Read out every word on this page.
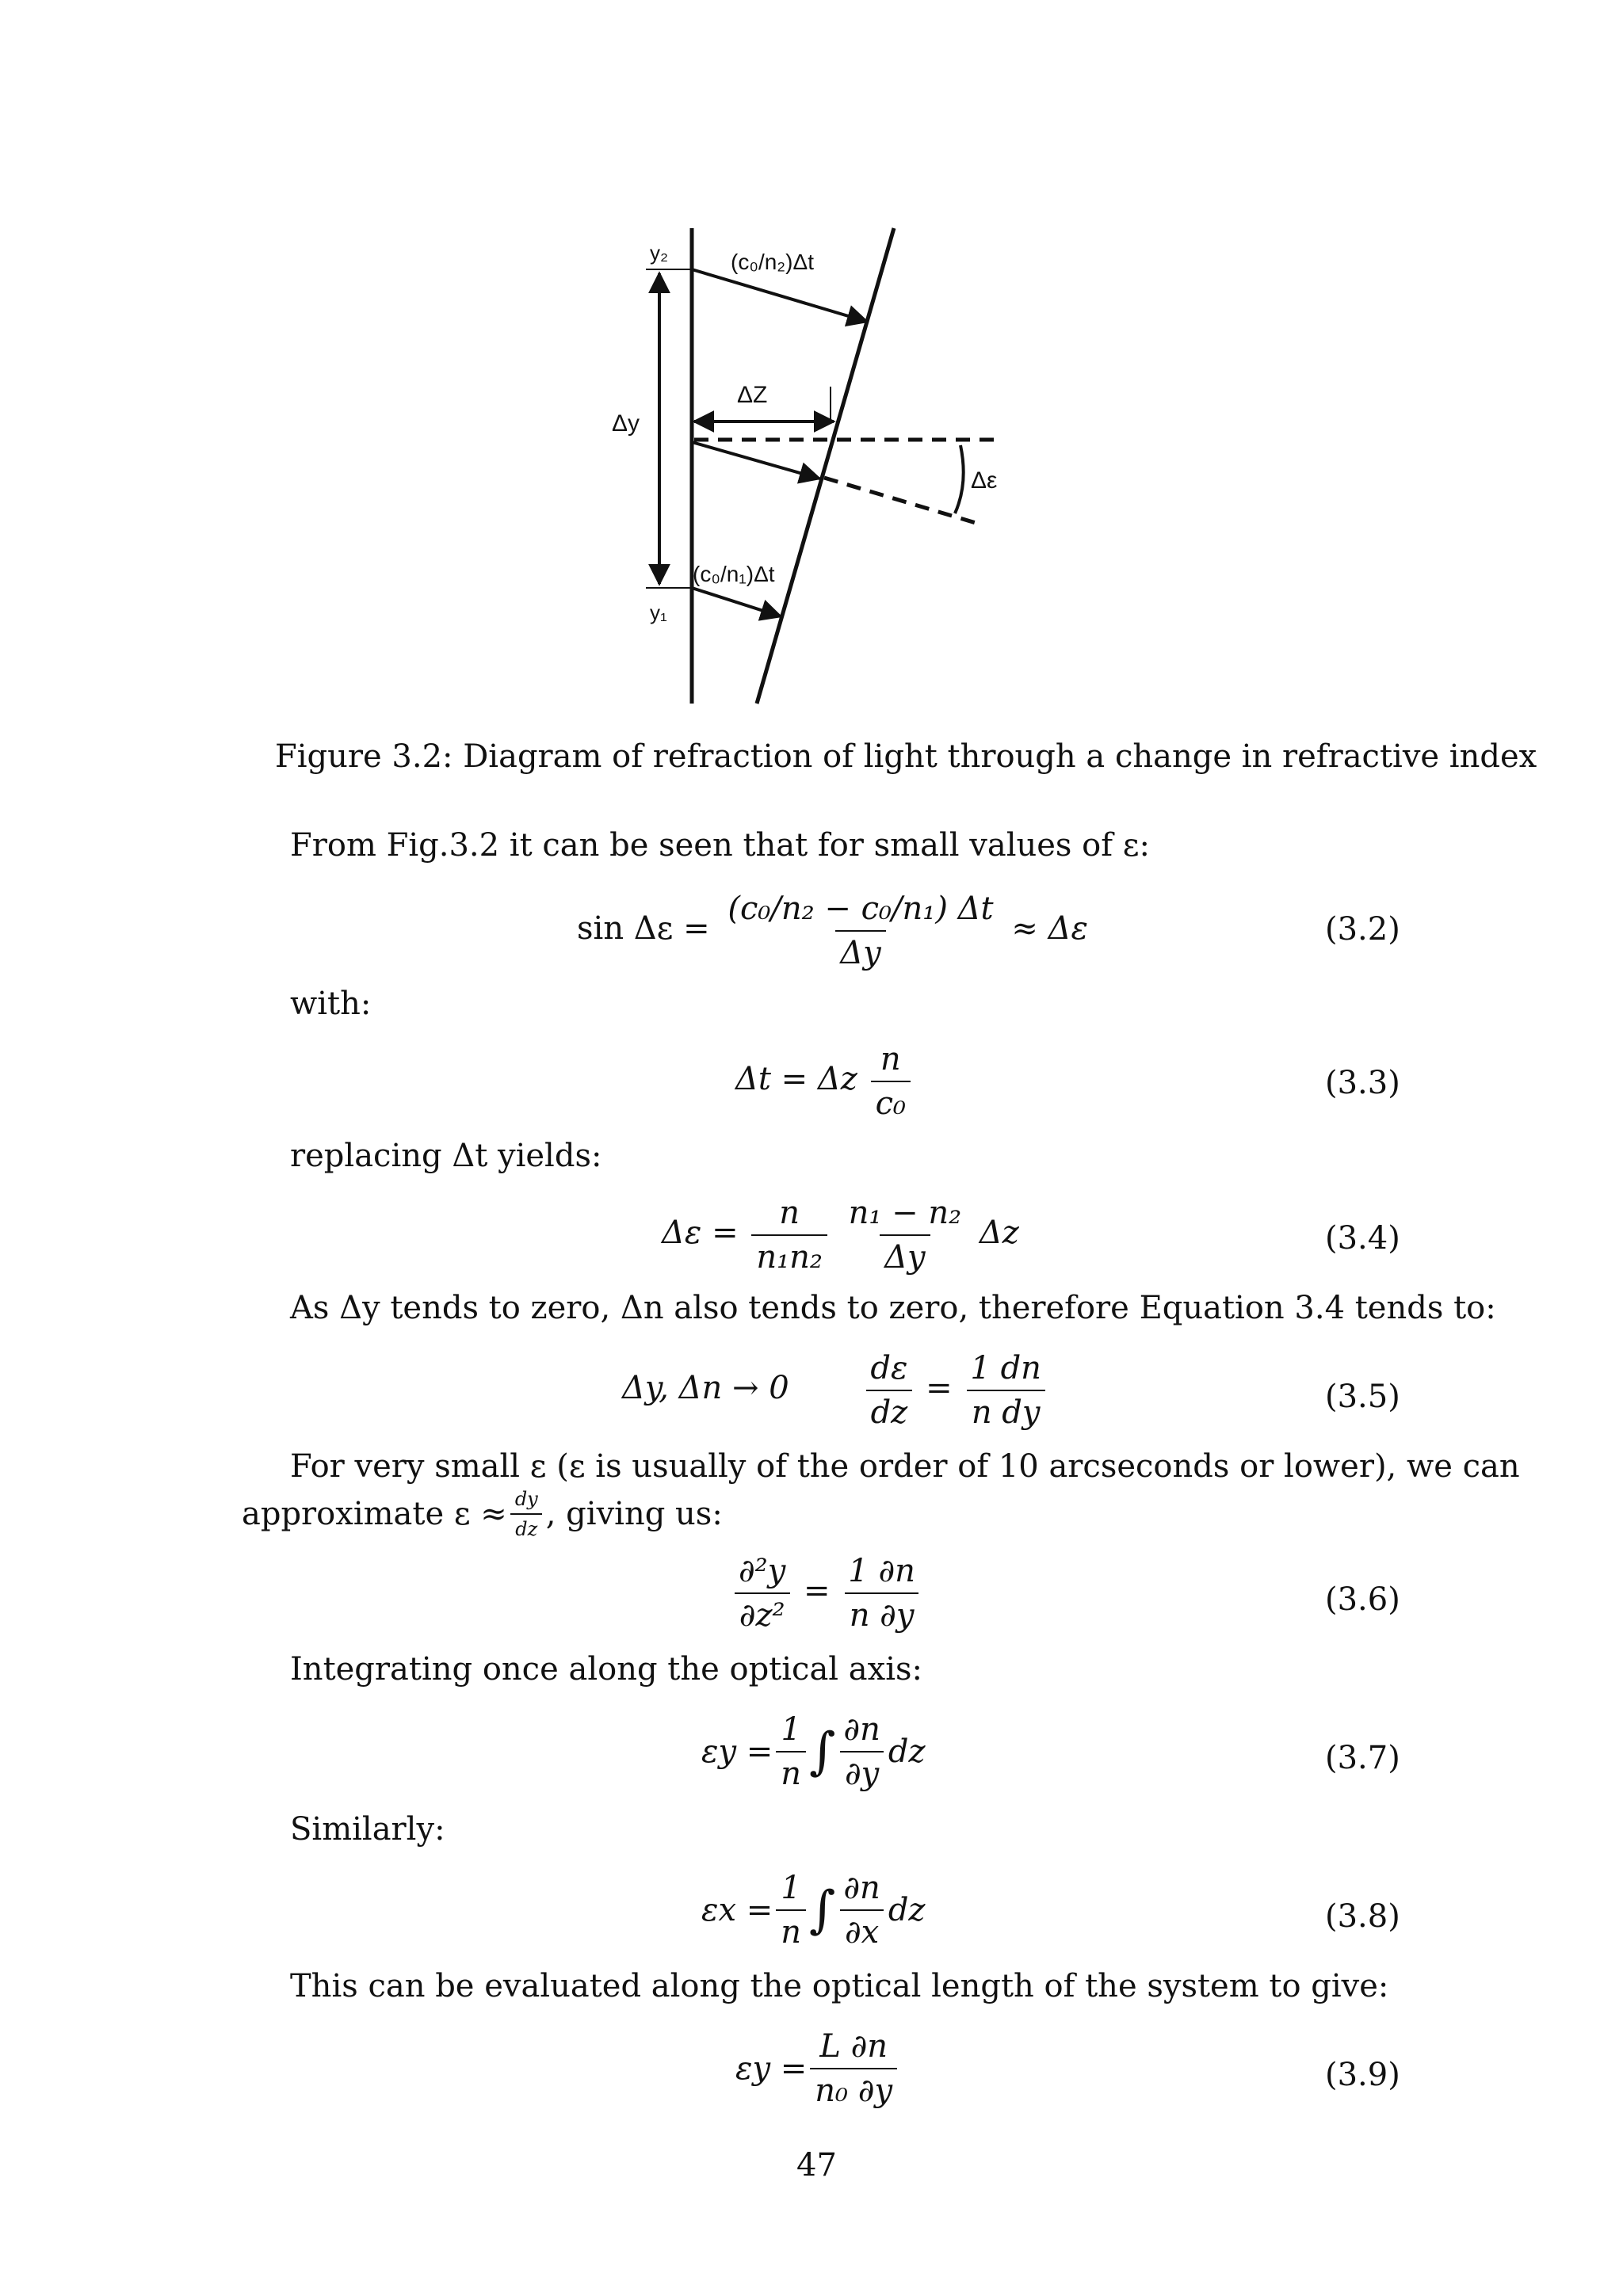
y₂
y₁
Δy
ΔZ
Δε
(c₀/n₂)Δt
(c₀/n₁)Δt
Figure 3.2: Diagram of refraction of light through a change in refractive index
From Fig.3.2 it can be seen that for small values of ε:
$\sin \Delta\varepsilon = \frac{\text{(c₀/n₂ − c₀/n₁) Δt}}{\Delta y} \approx \Delta\varepsilon$	(3.2)
with:
Δt = Δz $\frac{n}{\text{c₀}}$	(3.3)
replacing Δt yields:
$\Delta\varepsilon = \frac{n}{\text{n₁n₂}}$
$\frac{\text{n₁ − n₂}}{\Delta y}$ Δz	(3.4)
As Δy tends to zero, Δn also tends to zero, therefore Equation 3.4 tends to:
Δy, $\Delta n \to 0 \frac{d\varepsilon}{dz} = \frac{1 dn}{\text{n dy}}$	(3.5)
For very small ε (ε is usually of the order of 10 arcseconds or lower), we can
approximate $\varepsilon \approx \frac{dy}{dz}$ , giving us:
$\frac{\text{∂²y}}{\text{∂z²}} = \frac{1 \partial n}{n \partial y}$	(3.6)
Integrating once along the optical axis:
$\varepsilon y = \frac{1}{n}$ ∫ $\frac{\partial n}{\partial y}$ dz	(3.7)
Similarly:
$\varepsilon x = \frac{1}{n}$ ∫ $\frac{\partial n}{\partial x}$ dz	(3.8)
This can be evaluated along the optical length of the system to give:
$\varepsilon y = \frac{L \partial n}{\text{n₀ ∂y}}$	(3.9)
47
